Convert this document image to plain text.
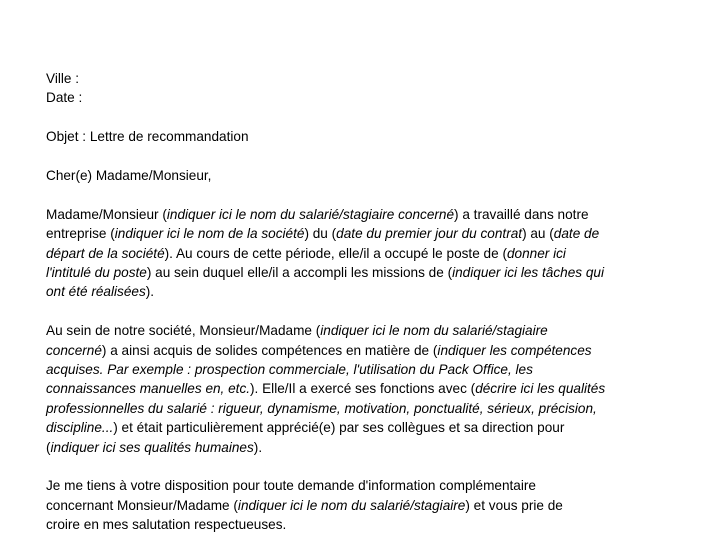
Ville :
Date :
Objet : Lettre de recommandation
Cher(e) Madame/Monsieur,
Madame/Monsieur (indiquer ici le nom du salarié/stagiaire concerné) a travaillé dans notre
entreprise (indiquer ici le nom de la société) du (date du premier jour du contrat) au (date de
départ de la société). Au cours de cette période, elle/il a occupé le poste de (donner ici
l'intitulé du poste) au sein duquel elle/il a accompli les missions de (indiquer ici les tâches qui
ont été réalisées).
Au sein de notre société, Monsieur/Madame (indiquer ici le nom du salarié/stagiaire
concerné) a ainsi acquis de solides compétences en matière de (indiquer les compétences
acquises. Par exemple : prospection commerciale, l'utilisation du Pack Office, les
connaissances manuelles en, etc.). Elle/Il a exercé ses fonctions avec (décrire ici les qualités
professionnelles du salarié : rigueur, dynamisme, motivation, ponctualité, sérieux, précision,
discipline...) et était particulièrement apprécié(e) par ses collègues et sa direction pour
(indiquer ici ses qualités humaines).
Je me tiens à votre disposition pour toute demande d'information complémentaire
concernant Monsieur/Madame (indiquer ici le nom du salarié/stagiaire) et vous prie de
croire en mes salutation respectueuses.
